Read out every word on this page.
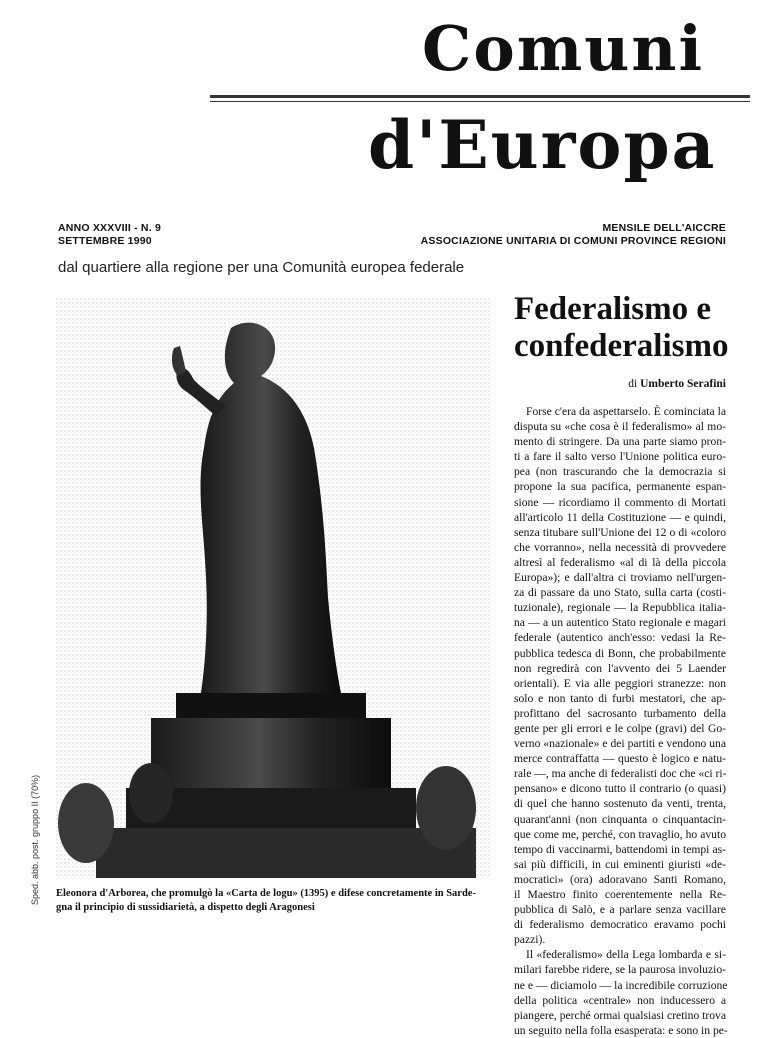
Comuni
d'Europa
ANNO XXXVIII - N. 9
SETTEMBRE 1990
MENSILE DELL'AICCRE
ASSOCIAZIONE UNITARIA DI COMUNI PROVINCE REGIONI
dal quartiere alla regione per una Comunità europea federale
Federalismo e
confederalismo
di Umberto Serafini
Eleonora d'Arborea, che promulgò la «Carta de logu» (1395) e difese concretamente in Sarde-
gna il principio di sussidiarietà, a dispetto degli Aragonesi
Forse c'era da aspettarselo. È cominciata la
disputa su «che cosa è il federalismo» al mo-
mento di stringere. Da una parte siamo pron-
ti a fare il salto verso l'Unione politica euro-
pea (non trascurando che la democrazia si
propone la sua pacifica, permanente espan-
sione — ricordiamo il commento di Mortati
all'articolo 11 della Costituzione — e quindi,
senza titubare sull'Unione dei 12 o di «coloro
che vorranno», nella necessità di provvedere
altresì al federalismo «al di là della piccola
Europa»); e dall'altra ci troviamo nell'urgen-
za di passare da uno Stato, sulla carta (costi-
tuzionale), regionale — la Repubblica italia-
na — a un autentico Stato regionale e magari
federale (autentico anch'esso: vedasi la Re-
pubblica tedesca di Bonn, che probabilmente
non regredirà con l'avvento dei 5 Laender
orientali). E via alle peggiori stranezze: non
solo e non tanto di furbi mestatori, che ap-
profittano del sacrosanto turbamento della
gente per gli errori e le colpe (gravi) del Go-
verno «nazionale» e dei partiti e vendono una
merce contraffatta — questo è logico e natu-
rale —, ma anche di federalisti doc che «ci ri-
pensano» e dicono tutto il contrario (o quasi)
di quel che hanno sostenuto da venti, trenta,
quarant'anni (non cinquanta o cinquantacin-
que come me, perché, con travaglio, ho avuto
tempo di vaccinarmi, battendomi in tempi as-
sai più difficili, in cui eminenti giuristi «de-
mocratici» (ora) adoravano Santi Romano,
il Maestro finito coerentemente nella Re-
pubblica di Salò, e a parlare senza vacillare
di federalismo democratico eravamo pochi
pazzi).
Il «federalismo» della Lega lombarda e si-
milari farebbe ridere, se la paurosa involuzio-
ne e — diciamolo — la incredibile corruzione
della politica «centrale» non inducessero a
piangere, perché ormai qualsiasi cretino trova
un seguito nella folla esasperata: e sono in pe-
Sped. abb. post. gruppo II (70%)
